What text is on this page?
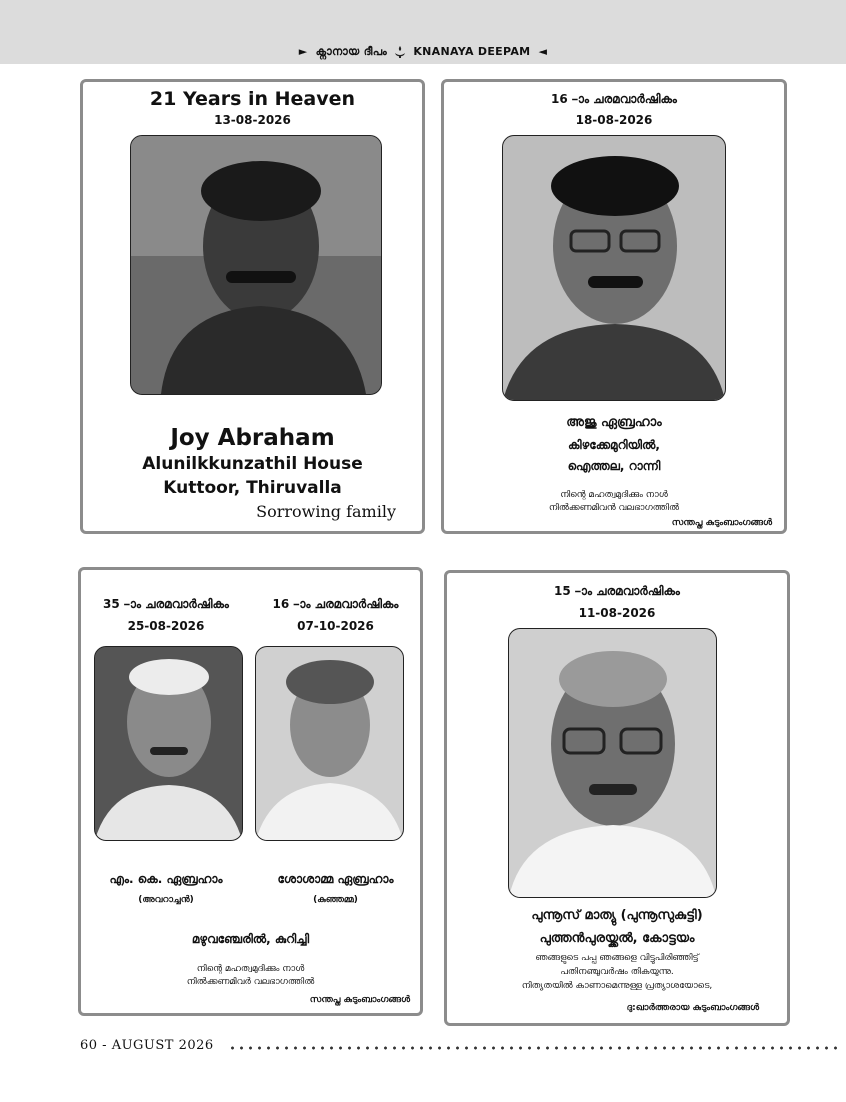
► ക്നാനായ ദീപം KNANAYA DEEPAM ◄
21 Years in Heaven
13-08-2026
Joy Abraham
Alunilkkunzathil House
Kuttoor, Thiruvalla
Sorrowing family
16 –ാം ചരമവാർഷികം
18-08-2026
അജു ഏബ്രഹാം
കിഴക്കേമുറിയിൽ,
ഐത്തല, റാന്നി
നിന്റെ മഹത്വമുദിക്കും നാൾ
നിൽക്കണമിവൻ വലഭാഗത്തിൽ
സന്തപ്ത കുടുംബാംഗങ്ങൾ
35 –ാം ചരമവാർഷികം
25-08-2026
16 –ാം ചരമവാർഷികം
07-10-2026
എം. കെ. ഏബ്രഹാം
(അവറാച്ചൻ)
ശോശാമ്മ ഏബ്രഹാം
(കുഞ്ഞമ്മ)
മഴുവഞ്ചേരിൽ, കുറിച്ചി
നിന്റെ മഹത്വമുദിക്കും നാൾ
നിൽക്കണമിവർ വലഭാഗത്തിൽ
സന്തപ്ത കുടുംബാംഗങ്ങൾ
15 –ാം ചരമവാർഷികം
11-08-2026
പുന്നൂസ് മാത്യു (പുന്നൂസുകുട്ടി)
പുത്തൻപുരയ്ക്കൽ, കോട്ടയം
ഞങ്ങളുടെ പപ്പ ഞങ്ങളെ വിട്ടുപിരിഞ്ഞിട്ട്
പതിനഞ്ചുവർഷം തികയുന്നു.
നിത്യതയിൽ കാണാമെന്നുള്ള പ്രത്യാശയോടെ,
ദു:ഖാർത്തരായ കുടുംബാംഗങ്ങൾ
60 - AUGUST 2026
